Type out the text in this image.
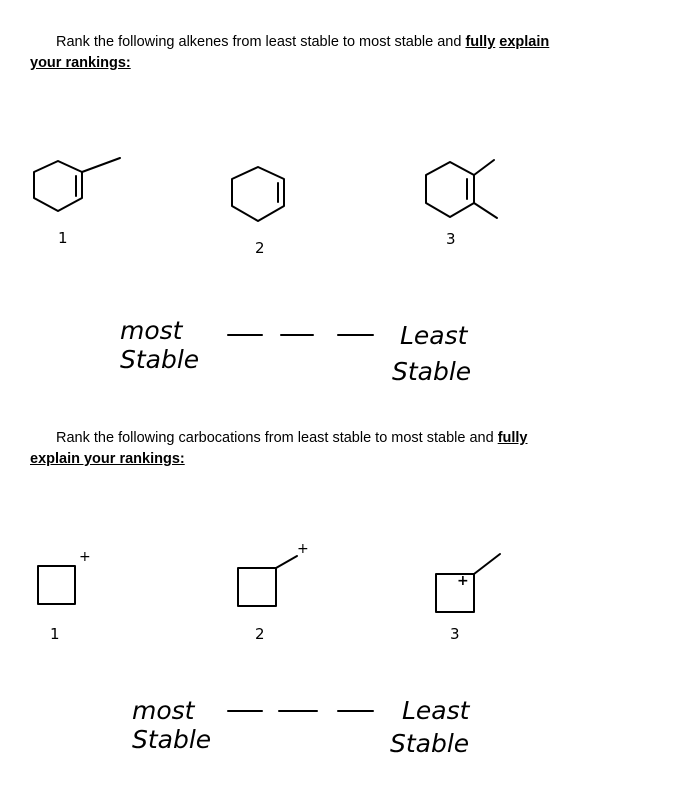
Rank the following alkenes from least stable to most stable and fully explain
your rankings:
Rank the following carbocations from least stable to most stable and fully
explain your rankings:
+	+
+
1
2	3
1	2	3
most
Stable
Least
Stable
most
Stable
Least
Stable
